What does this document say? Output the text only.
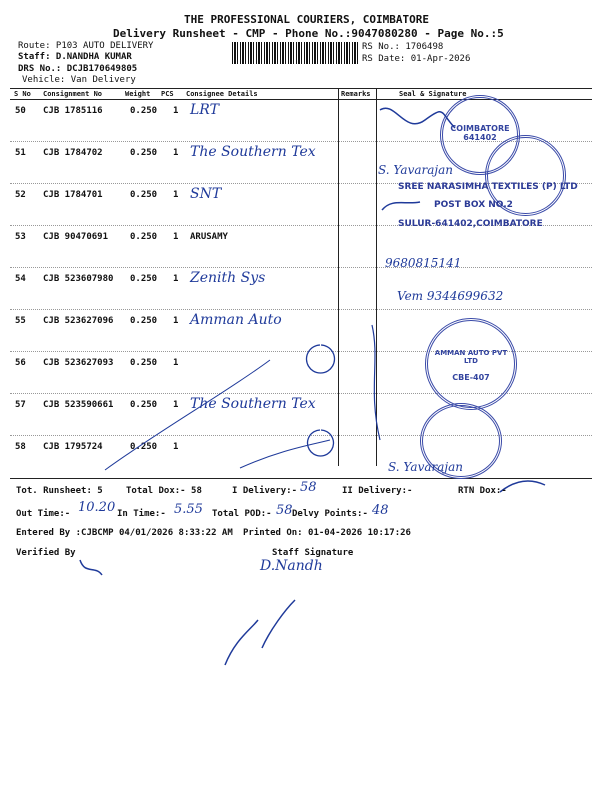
THE PROFESSIONAL COURIERS, COIMBATORE
Delivery Runsheet - CMP - Phone No.:9047080280 - Page No.:5
Route: P103 AUTO DELIVERY
Staff: D.NANDHA KUMAR
DRS No.: DCJB170649805
Vehicle: Van Delivery
RS No.: 1706498
RS Date: 01-Apr-2026
S No Consignment No	Weight PCS Consignee Details	Remarks	Seal & Signature
50 CJB 1785116	0.250 1 LRT
51 CJB 1784702	0.250 1 The Southern Tex
52 CJB 1784701	0.250 1 SNT
53 CJB 90470691 0.250 1 ARUSAMY
54 CJB 523607980 0.250 1 Zenith Sys
55 CJB 523627096 0.250 1 Amman Auto
56 CJB 523627093 0.250 1
57 CJB 523590661 0.250 1 The Southern Tex
58 CJB 1795724	0.250 1
COIMBATORE 641402
SREE NARASIMHA TEXTILES (P) LTD
POST BOX NO.2
SULUR-641402,COIMBATORE
AMMAN AUTO PVT LTD
CBE-407
S. Yavarajan
9680815141
Vem 9344699632
S. Yavarajan
D.Nandh
Tot. Runsheet: 5	Total Dox:- 58	I Delivery:- 58	II Delivery:-	RTN Dox:-
Out Time:- 10.20 In Time:- 5.55 Total POD:- 58 Delvy Points:- 48
Entered By :CJBCMP 04/01/2026 8:33:22 AM Printed On: 01-04-2026 10:17:26
Verified By	Staff Signature
